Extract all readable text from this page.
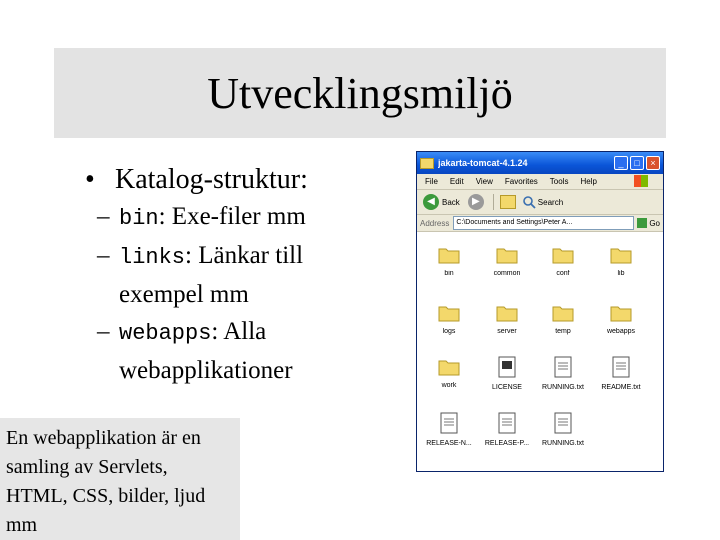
Utvecklingsmiljö
• Katalog-struktur:
– bin: Exe-filer mm
– links: Länkar till
exempel mm
– webapps: Alla
webapplikationer
En webapplikation är en samling av Servlets, HTML, CSS, bilder, ljud mm
jakarta-tomcat-4.1.24	_	□	×
File Edit View Favorites Tools Help
◀ Back	▶	Search
Address	C:\Documents and Settings\Peter A...	Go
bin	common	conf	lib
logs	server	temp	webapps
work	LICENSE	RUNNING.txt	README.txt
RELEASE-N...	RELEASE-P...	RUNNING.txt
